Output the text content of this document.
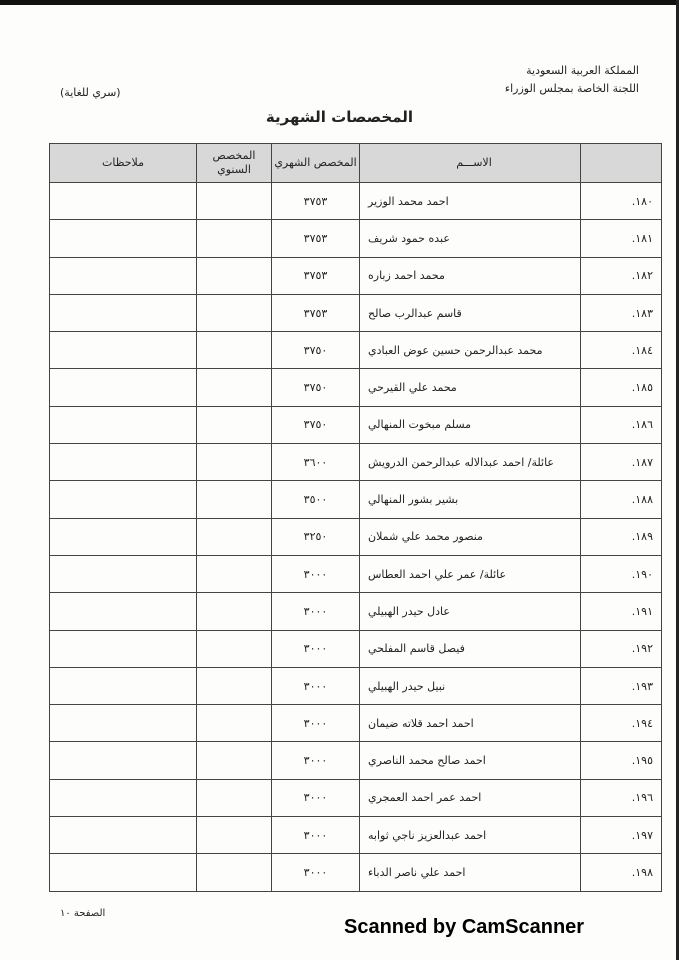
المملكة العربية السعودية
اللجنة الخاصة بمجلس الوزراء
(سري للغاية)
المخصصات الشهرية
	الاســـم	المخصص الشهري	المخصص السنوي	ملاحظات
١٨٠.	احمد محمد الوزير	٣٧٥٣		
١٨١.	عبده حمود شريف	٣٧٥٣		
١٨٢.	محمد احمد زباره	٣٧٥٣		
١٨٣.	قاسم عبدالرب صالح	٣٧٥٣		
١٨٤.	محمد عبدالرحمن حسين عوض العبادي	٣٧٥٠		
١٨٥.	محمد علي القيرحي	٣٧٥٠		
١٨٦.	مسلم مبخوت المنهالي	٣٧٥٠		
١٨٧.	عائلة/ احمد عبدالاله عبدالرحمن الدرويش	٣٦٠٠		
١٨٨.	بشير بشور المنهالي	٣٥٠٠		
١٨٩.	منصور محمد علي شملان	٣٢٥٠		
١٩٠.	عائلة/ عمر علي احمد العطاس	٣٠٠٠		
١٩١.	عادل حيدر الهبيلي	٣٠٠٠		
١٩٢.	فيصل قاسم المفلحي	٣٠٠٠		
١٩٣.	نبيل حيدر الهبيلي	٣٠٠٠		
١٩٤.	احمد احمد قلاته ضيمان	٣٠٠٠		
١٩٥.	احمد صالح محمد الناصري	٣٠٠٠		
١٩٦.	احمد عمر احمد العمجري	٣٠٠٠		
١٩٧.	احمد عبدالعزيز ناجي ثوابه	٣٠٠٠		
١٩٨.	احمد علي ناصر الدباء	٣٠٠٠		
الصفحة ١٠
Scanned by CamScanner
